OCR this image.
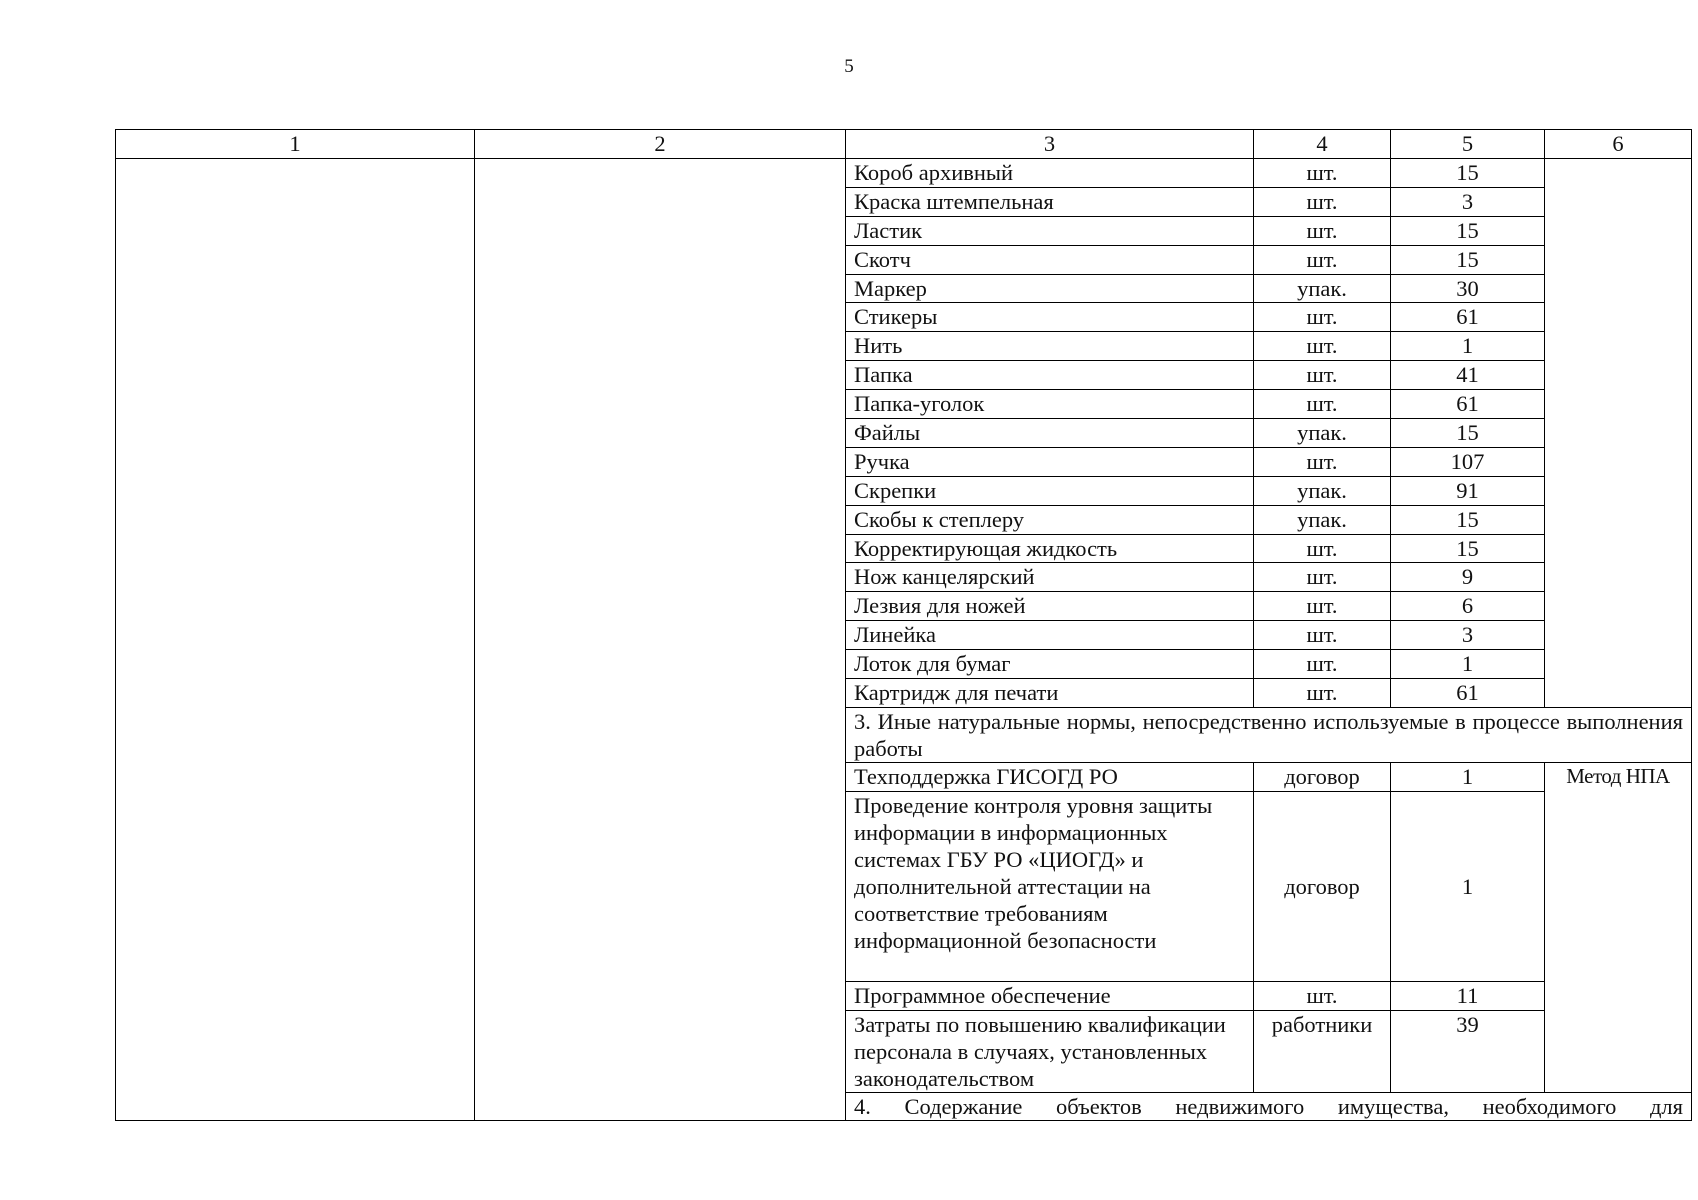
5
1	2	3	4	5	6
		Короб архивный	шт.	15	
		Краска штемпельная	шт.	3	
		Ластик	шт.	15	
		Скотч	шт.	15	
		Маркер	упак.	30	
		Стикеры	шт.	61	
		Нить	шт.	1	
		Папка	шт.	41	
		Папка-уголок	шт.	61	
		Файлы	упак.	15	
		Ручка	шт.	107	
		Скрепки	упак.	91	
		Скобы к степлеру	упак.	15	
		Корректирующая жидкость	шт.	15	
		Нож канцелярский	шт.	9	
		Лезвия для ножей	шт.	6	
		Линейка	шт.	3	
		Лоток для бумаг	шт.	1	
		Картридж для печати	шт.	61	
		3. Иные натуральные нормы, непосредственно используемые в процессе выполнения работы			
		Техподдержка ГИСОГД РО	договор	1	Метод НПА
		Проведение контроля уровня защиты информации в информационных системах ГБУ РО «ЦИОГД» и дополнительной аттестации на соответствие требованиям информационной безопасности	договор	1	
		Программное обеспечение	шт.	11	
		Затраты по повышению квалификации персонала в случаях, установленных законодательством	работники	39	
		4. Содержание объектов недвижимого имущества, необходимого для			
